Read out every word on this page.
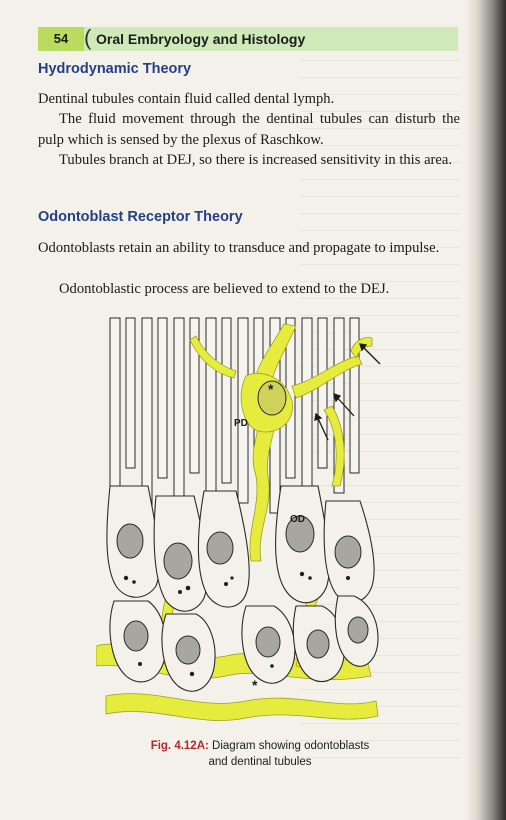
54 ( Oral Embryology and Histology
Hydrodynamic Theory

Dentinal tubules contain fluid called dental lymph.

The fluid movement through the dentinal tubules can disturb the pulp which is sensed by the plexus of Raschkow.

Tubules branch at DEJ, so there is increased sensitivity in this area.

Odontoblast Receptor Theory

Odontoblasts retain an ability to transduce and propagate to impulse.

Odontoblastic process are believed to extend to the DEJ.

PD
OD
*
*
Fig. 4.12A: Diagram showing odontoblasts
and dentinal tubules
